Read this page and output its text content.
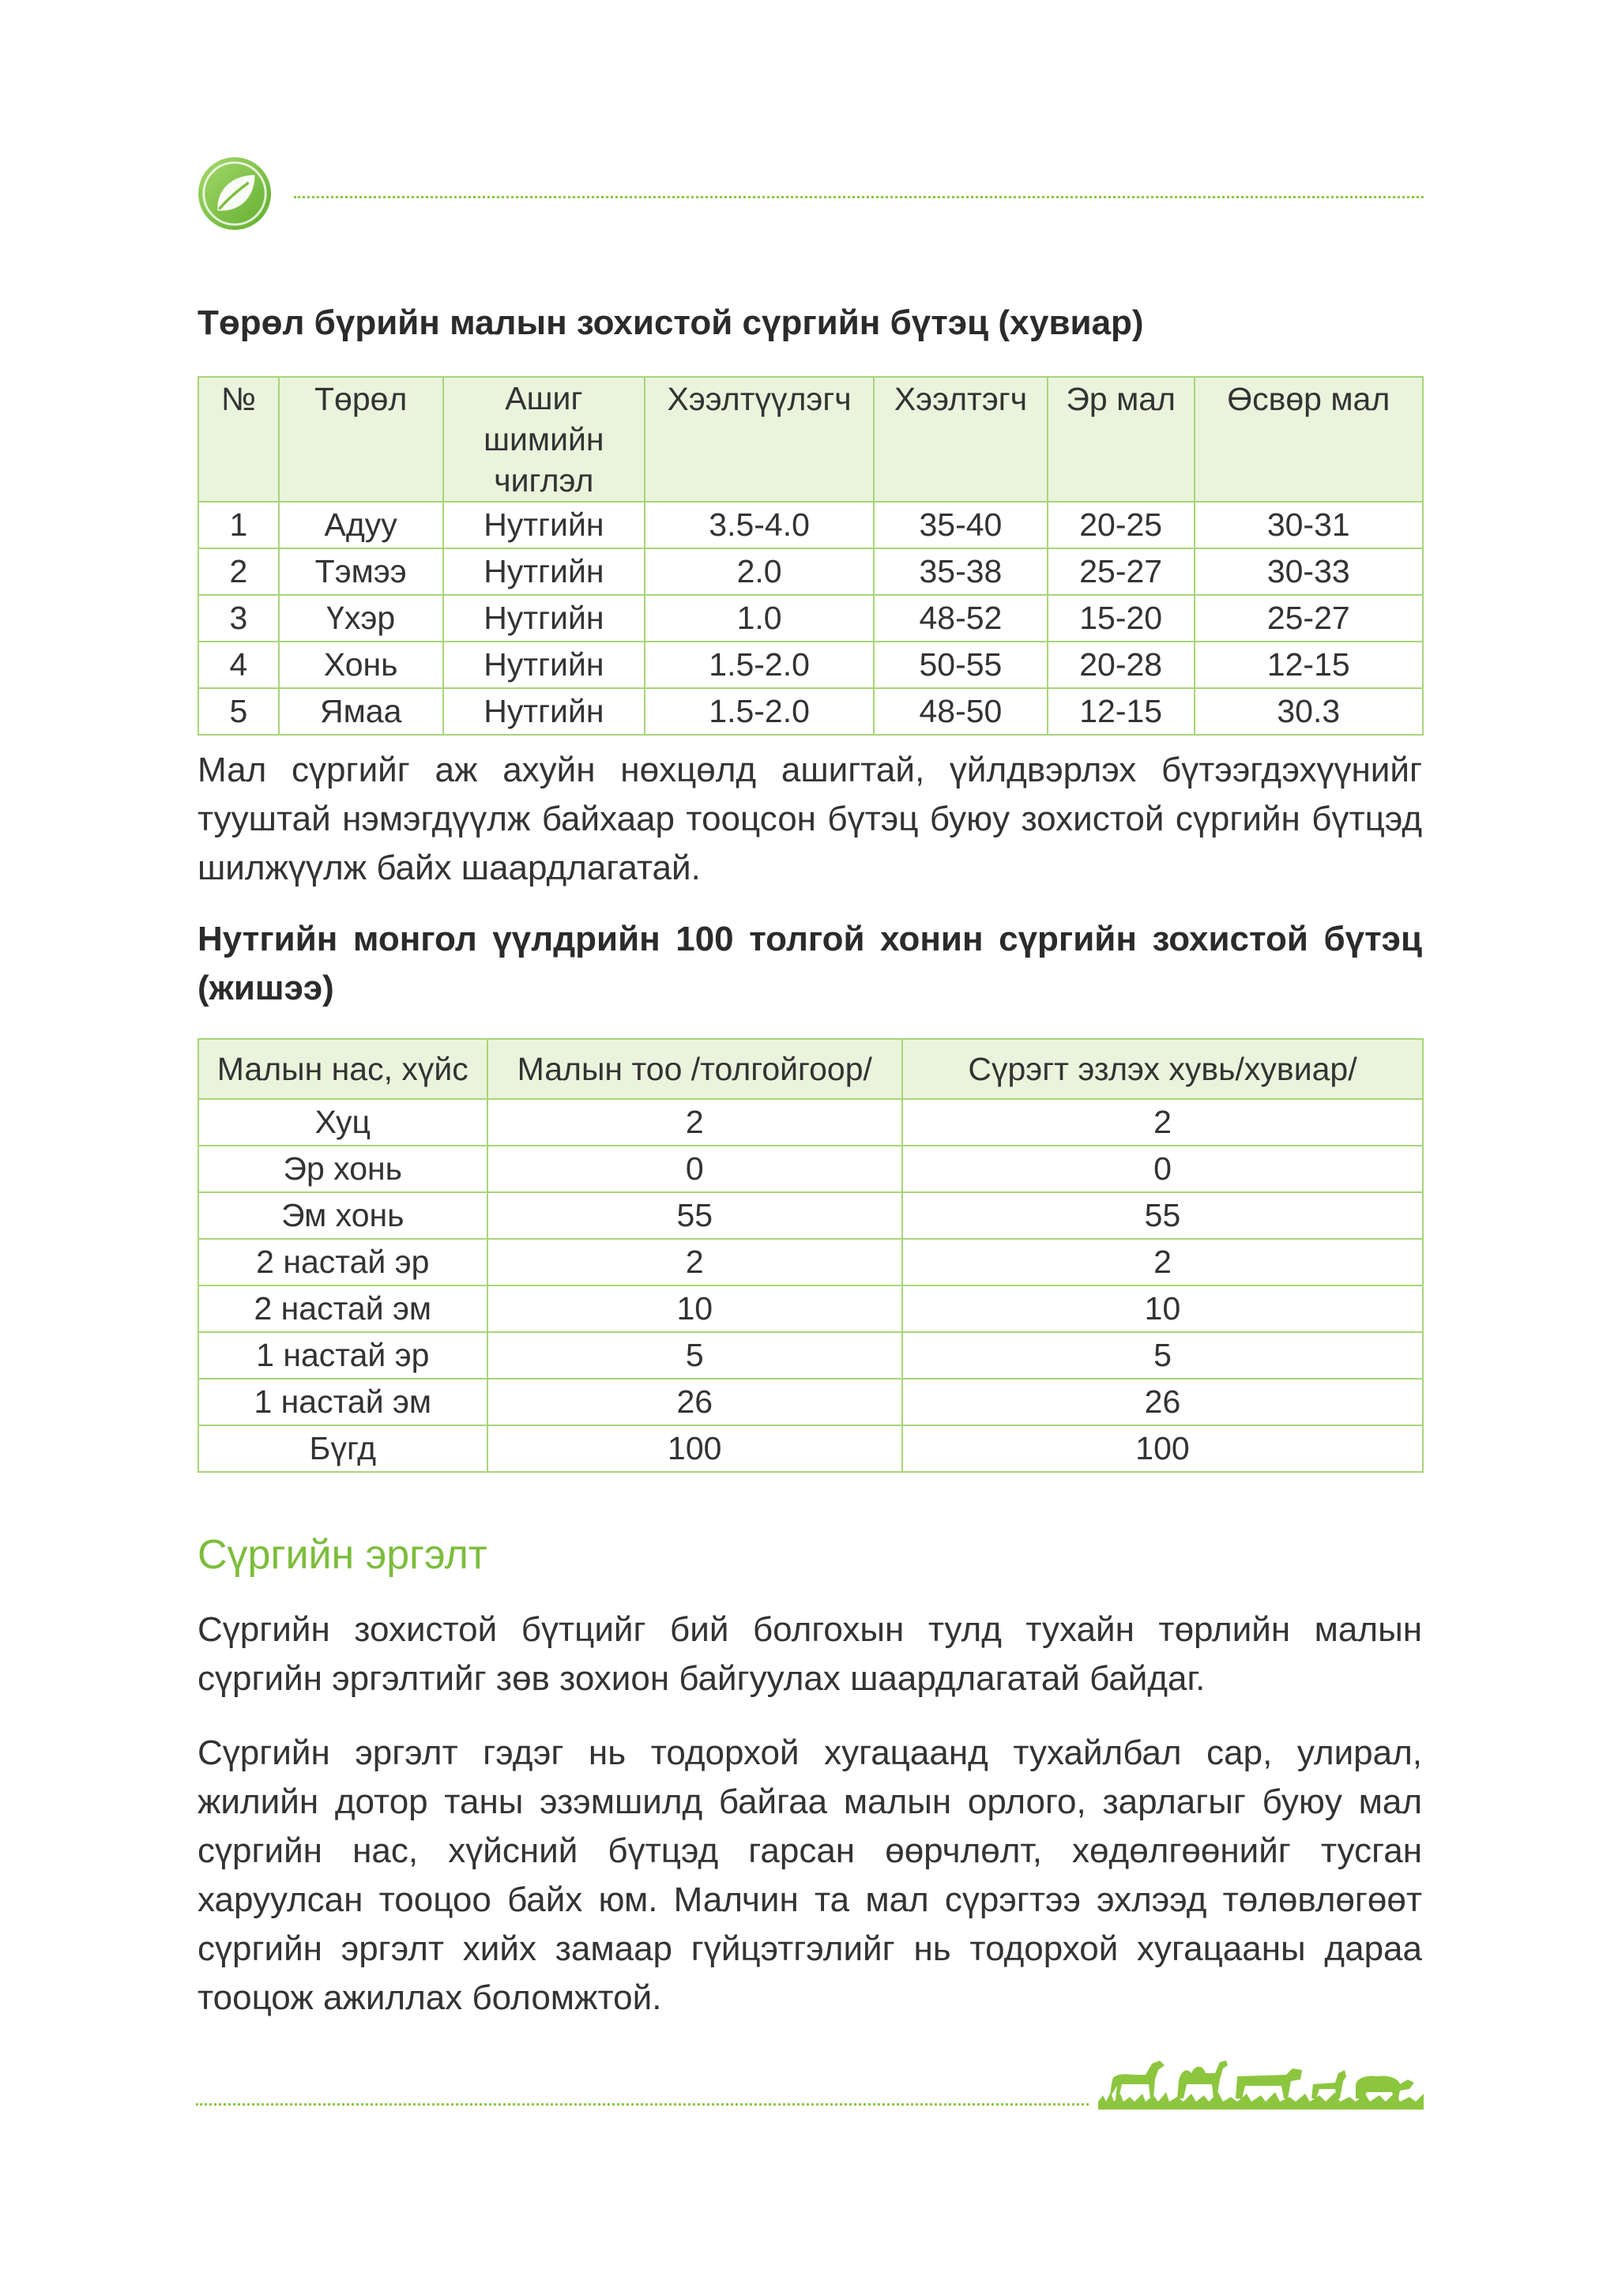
Төрөл бүрийн малын зохистой сүргийн бүтэц (хувиар)
№	Төрөл	Ашиг шимийн чиглэл	Хээлтүүлэгч	Хээлтэгч	Эр мал	Өсвөр мал
1	Адуу	Нутгийн	3.5-4.0	35-40	20-25	30-31
2	Тэмээ	Нутгийн	2.0	35-38	25-27	30-33
3	Үхэр	Нутгийн	1.0	48-52	15-20	25-27
4	Хонь	Нутгийн	1.5-2.0	50-55	20-28	12-15
5	Ямаа	Нутгийн	1.5-2.0	48-50	12-15	30.3

Мал сүргийг аж ахуйн нөхцөлд ашигтай, үйлдвэрлэх бүтээгдэхүүнийг тууштай нэмэгдүүлж байхаар тооцсон бүтэц буюу зохистой сүргийн бүтцэд шилжүүлж байх шаардлагатай.

Нутгийн монгол үүлдрийн 100 толгой хонин сүргийн зохистой бүтэц (жишээ)
Малын нас, хүйс	Малын тоо /толгойгоор/	Сүрэгт эзлэх хувь/хувиар/
Хуц	2	2
Эр хонь	0	0
Эм хонь	55	55
2 настай эр	2	2
2 настай эм	10	10
1 настай эр	5	5
1 настай эм	26	26
Бүгд	100	100
Сүргийн эргэлт

Сүргийн зохистой бүтцийг бий болгохын тулд тухайн төрлийн малын сүргийн эргэлтийг зөв зохион байгуулах шаардлагатай байдаг.

Сүргийн эргэлт гэдэг нь тодорхой хугацаанд тухайлбал сар, улирал, жилийн дотор таны эзэмшилд байгаа малын орлого, зарлагыг буюу мал сүргийн нас, хүйсний бүтцэд гарсан өөрчлөлт, хөдөлгөөнийг тусган харуулсан тооцоо байх юм. Малчин та мал сүрэгтээ эхлээд төлөвлөгөөт сүргийн эргэлт хийх замаар гүйцэтгэлийг нь тодорхой хугацааны дараа тооцож ажиллах боломжтой.
